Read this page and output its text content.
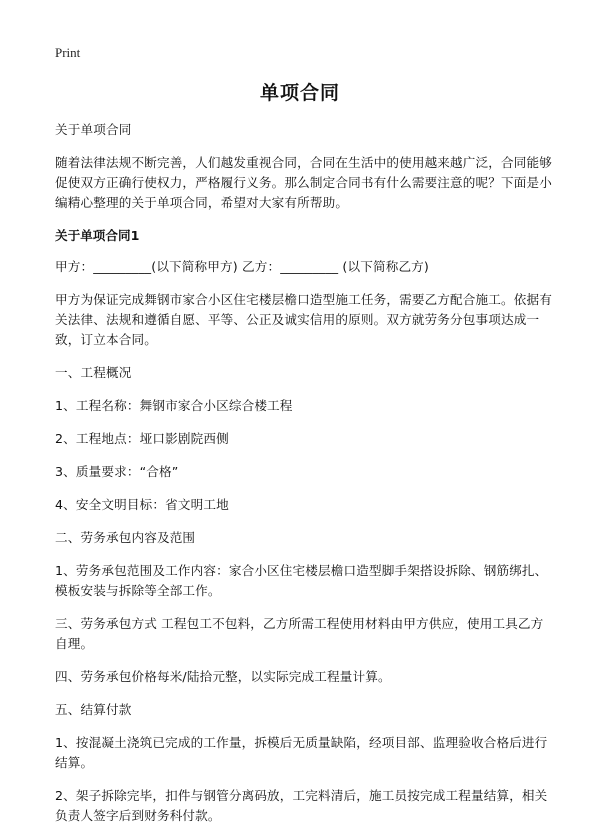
Print
单项合同

关于单项合同

随着法律法规不断完善，人们越发重视合同，合同在生活中的使用越来越广泛，合同能够促使双方正确行使权力，严格履行义务。那么制定合同书有什么需要注意的呢？下面是小编精心整理的关于单项合同，希望对大家有所帮助。

关于单项合同1

甲方：_________(以下简称甲方) 乙方：_________ (以下简称乙方)

甲方为保证完成舞钢市家合小区住宅楼层檐口造型施工任务，需要乙方配合施工。依据有关法律、法规和遵循自愿、平等、公正及诚实信用的原则。双方就劳务分包事项达成一致，订立本合同。

一、工程概况

1、工程名称：舞钢市家合小区综合楼工程

2、工程地点：垭口影剧院西侧

3、质量要求：“合格”

4、安全文明目标：省文明工地

二、劳务承包内容及范围

1、劳务承包范围及工作内容：家合小区住宅楼层檐口造型脚手架搭设拆除、钢筋绑扎、模板安装与拆除等全部工作。

三、劳务承包方式 工程包工不包料，乙方所需工程使用材料由甲方供应，使用工具乙方自理。

四、劳务承包价格每米/陆拾元整，以实际完成工程量计算。

五、结算付款

1、按混凝土浇筑已完成的工作量，拆模后无质量缺陷，经项目部、监理验收合格后进行结算。

2、架子拆除完毕，扣件与钢管分离码放，工完料清后，施工员按完成工程量结算，相关负责人签字后到财务科付款。
